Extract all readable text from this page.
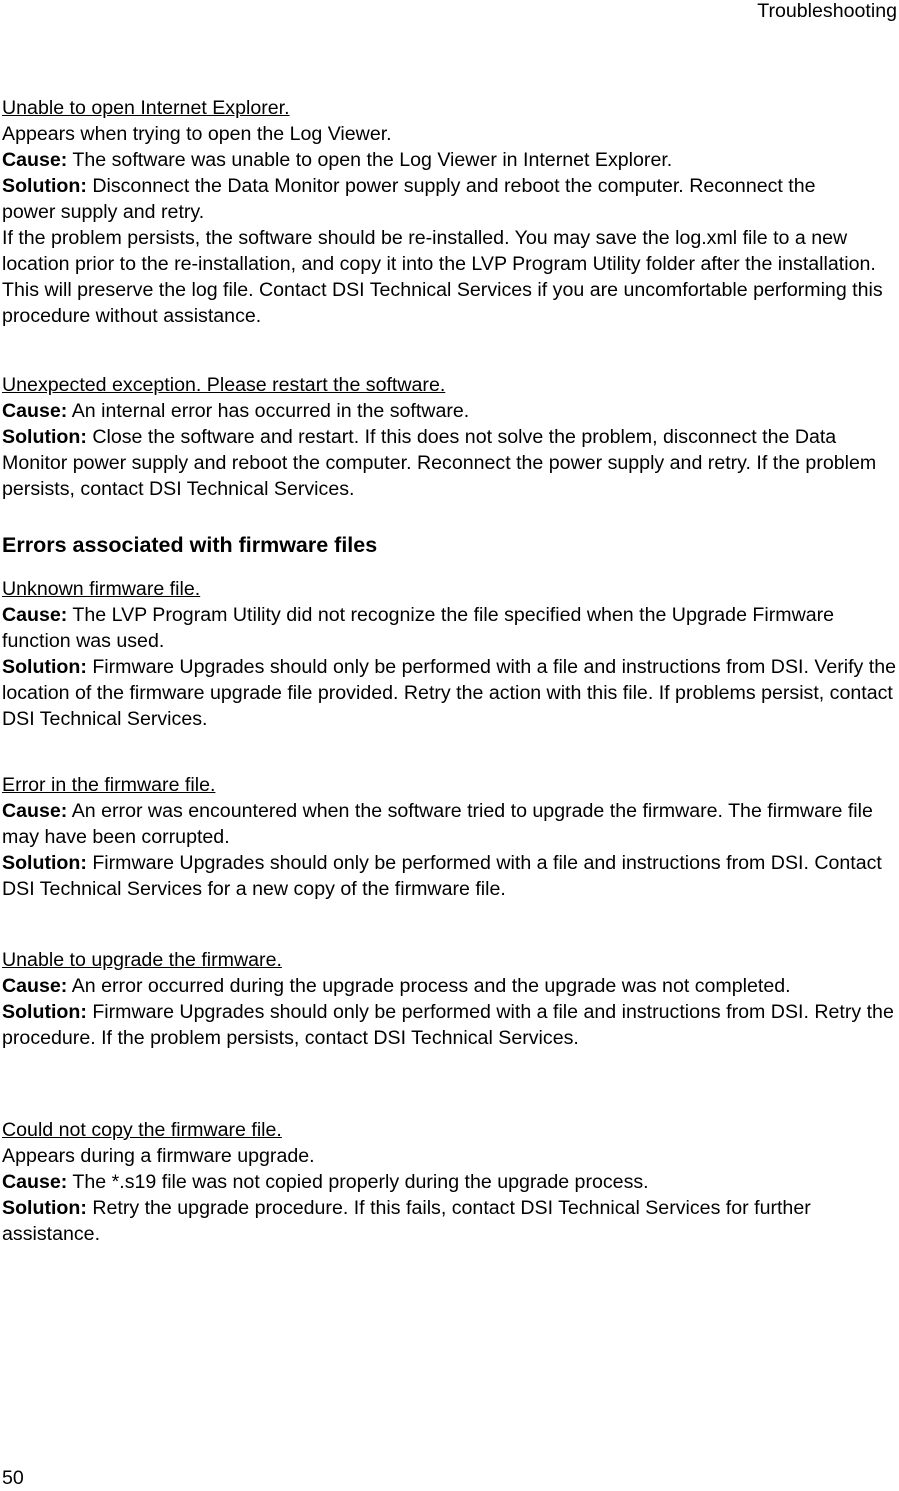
Troubleshooting

Unable to open Internet Explorer.

Appears when trying to open the Log Viewer.

Cause: The software was unable to open the Log Viewer in Internet Explorer.

Solution: Disconnect the Data Monitor power supply and reboot the computer. Reconnect the power supply and retry.

If the problem persists, the software should be re-installed. You may save the log.xml file to a new location prior to the re-installation, and copy it into the LVP Program Utility folder after the installation. This will preserve the log file. Contact DSI Technical Services if you are uncomfortable performing this procedure without assistance.

Unexpected exception. Please restart the software.

Cause: An internal error has occurred in the software.

Solution: Close the software and restart. If this does not solve the problem, disconnect the Data Monitor power supply and reboot the computer. Reconnect the power supply and retry. If the problem persists, contact DSI Technical Services.

Errors associated with firmware files

Unknown firmware file.

Cause: The LVP Program Utility did not recognize the file specified when the Upgrade Firmware function was used.

Solution: Firmware Upgrades should only be performed with a file and instructions from DSI. Verify the location of the firmware upgrade file provided. Retry the action with this file. If problems persist, contact DSI Technical Services.

Error in the firmware file.

Cause: An error was encountered when the software tried to upgrade the firmware. The firmware file may have been corrupted.

Solution: Firmware Upgrades should only be performed with a file and instructions from DSI. Contact DSI Technical Services for a new copy of the firmware file.

Unable to upgrade the firmware.

Cause: An error occurred during the upgrade process and the upgrade was not completed.

Solution: Firmware Upgrades should only be performed with a file and instructions from DSI. Retry the procedure. If the problem persists, contact DSI Technical Services.

Could not copy the firmware file.

Appears during a firmware upgrade.

Cause: The *.s19 file was not copied properly during the upgrade process.

Solution: Retry the upgrade procedure. If this fails, contact DSI Technical Services for further assistance.

50
